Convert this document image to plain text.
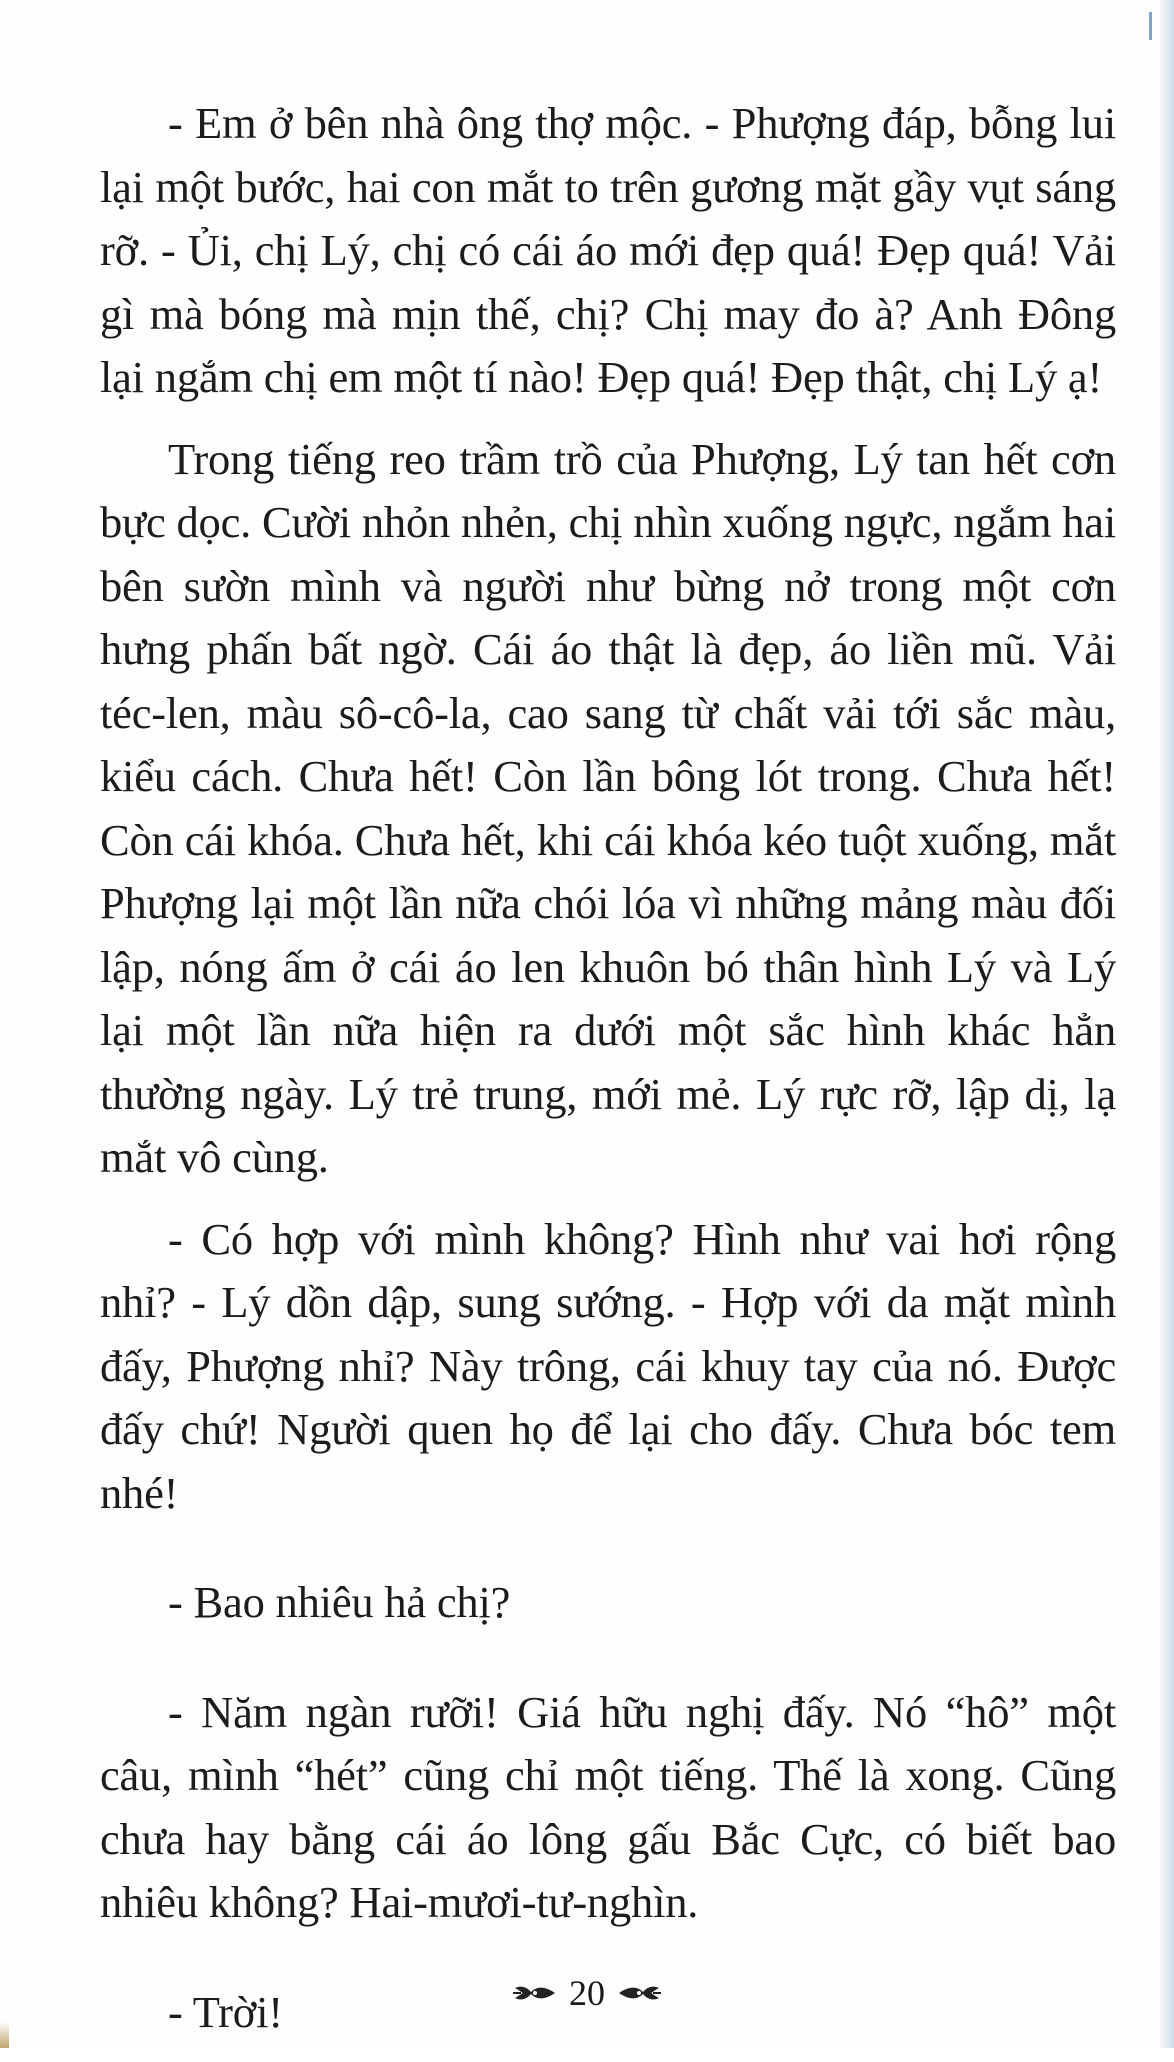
- Em ở bên nhà ông thợ mộc. - Phượng đáp, bỗng lui lại một bước, hai con mắt to trên gương mặt gầy vụt sáng rỡ. - Ủi, chị Lý, chị có cái áo mới đẹp quá! Đẹp quá! Vải gì mà bóng mà mịn thế, chị? Chị may đo à? Anh Đông lại ngắm chị em một tí nào! Đẹp quá! Đẹp thật, chị Lý ạ!

Trong tiếng reo trầm trồ của Phượng, Lý tan hết cơn bực dọc. Cười nhỏn nhẻn, chị nhìn xuống ngực, ngắm hai bên sườn mình và người như bừng nở trong một cơn hưng phấn bất ngờ. Cái áo thật là đẹp, áo liền mũ. Vải téc-len, màu sô-cô-la, cao sang từ chất vải tới sắc màu, kiểu cách. Chưa hết! Còn lần bông lót trong. Chưa hết! Còn cái khóa. Chưa hết, khi cái khóa kéo tuột xuống, mắt Phượng lại một lần nữa chói lóa vì những mảng màu đối lập, nóng ấm ở cái áo len khuôn bó thân hình Lý và Lý lại một lần nữa hiện ra dưới một sắc hình khác hẳn thường ngày. Lý trẻ trung, mới mẻ. Lý rực rỡ, lập dị, lạ mắt vô cùng.

- Có hợp với mình không? Hình như vai hơi rộng nhỉ? - Lý dồn dập, sung sướng. - Hợp với da mặt mình đấy, Phượng nhỉ? Này trông, cái khuy tay của nó. Được đấy chứ! Người quen họ để lại cho đấy. Chưa bóc tem nhé!

- Bao nhiêu hả chị?

- Năm ngàn rưỡi! Giá hữu nghị đấy. Nó “hô” một câu, mình “hét” cũng chỉ một tiếng. Thế là xong. Cũng chưa hay bằng cái áo lông gấu Bắc Cực, có biết bao nhiêu không? Hai-mươi-tư-nghìn.

- Trời!	20
